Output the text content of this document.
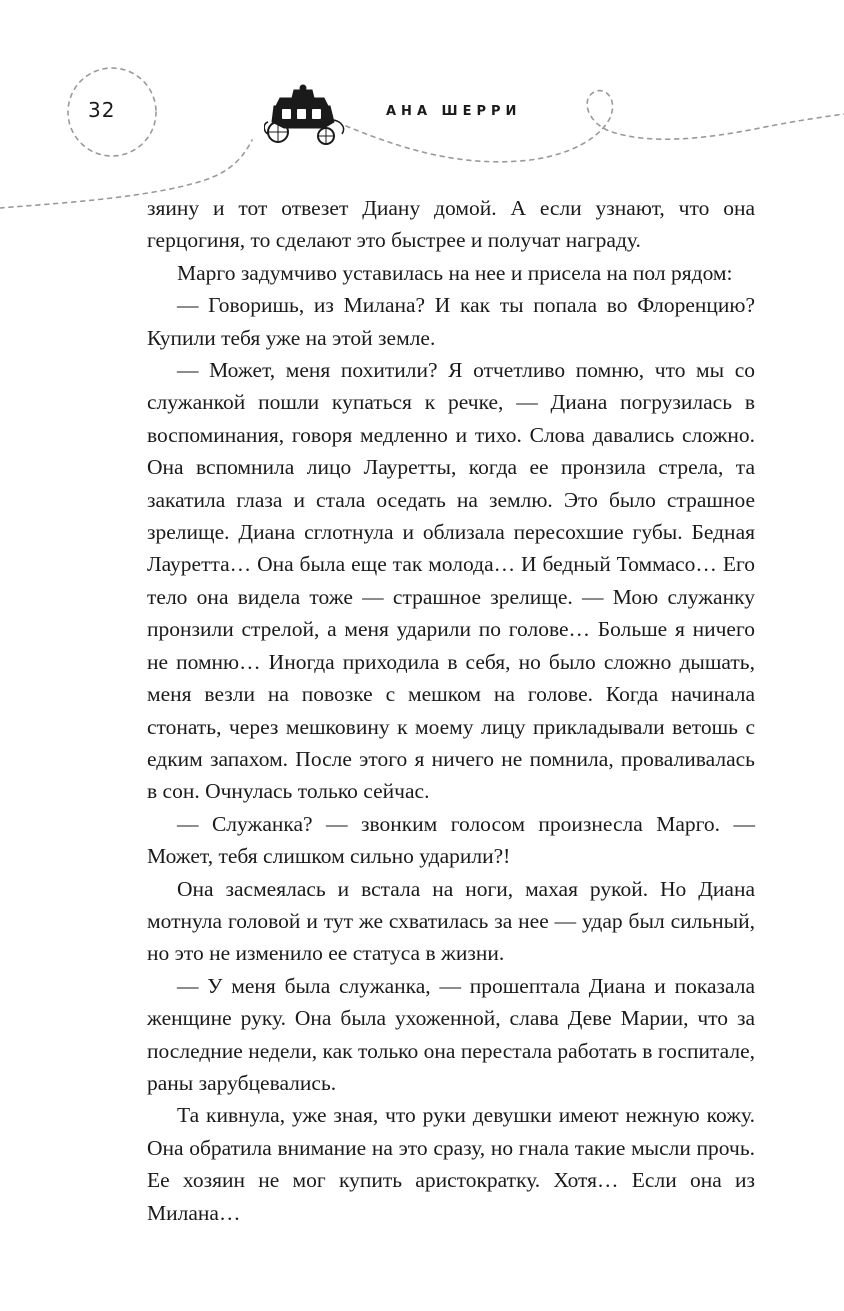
32	АНА ШЕРРИ

зяину и тот отвезет Диану домой. А если узнают, что она герцогиня, то сделают это быстрее и получат награду.

Марго задумчиво уставилась на нее и присела на пол рядом:

— Говоришь, из Милана? И как ты попала во Флоренцию? Купили тебя уже на этой земле.

— Может, меня похитили? Я отчетливо помню, что мы со служанкой пошли купаться к речке, — Диана погрузилась в воспоминания, говоря медленно и тихо. Слова давались сложно. Она вспомнила лицо Лауретты, когда ее пронзила стрела, та закатила глаза и стала оседать на землю. Это было страшное зрелище. Диана сглотнула и облизала пересохшие губы. Бедная Лауретта… Она была еще так молода… И бедный Томмасо… Его тело она видела тоже — страшное зрелище. — Мою служанку пронзили стрелой, а меня ударили по голове… Больше я ничего не помню… Иногда приходила в себя, но было сложно дышать, меня везли на повозке с мешком на голове. Когда начинала стонать, через мешковину к моему лицу прикладывали ветошь с едким запахом. После этого я ничего не помнила, проваливалась в сон. Очнулась только сейчас.

— Служанка? — звонким голосом произнесла Марго. — Может, тебя слишком сильно ударили?!

Она засмеялась и встала на ноги, махая рукой. Но Диана мотнула головой и тут же схватилась за нее — удар был сильный, но это не изменило ее статуса в жизни.

— У меня была служанка, — прошептала Диана и показала женщине руку. Она была ухоженной, слава Деве Марии, что за последние недели, как только она перестала работать в госпитале, раны зарубцевались.

Та кивнула, уже зная, что руки девушки имеют нежную кожу. Она обратила внимание на это сразу, но гнала такие мысли прочь. Ее хозяин не мог купить аристократку. Хотя… Если она из Милана…
